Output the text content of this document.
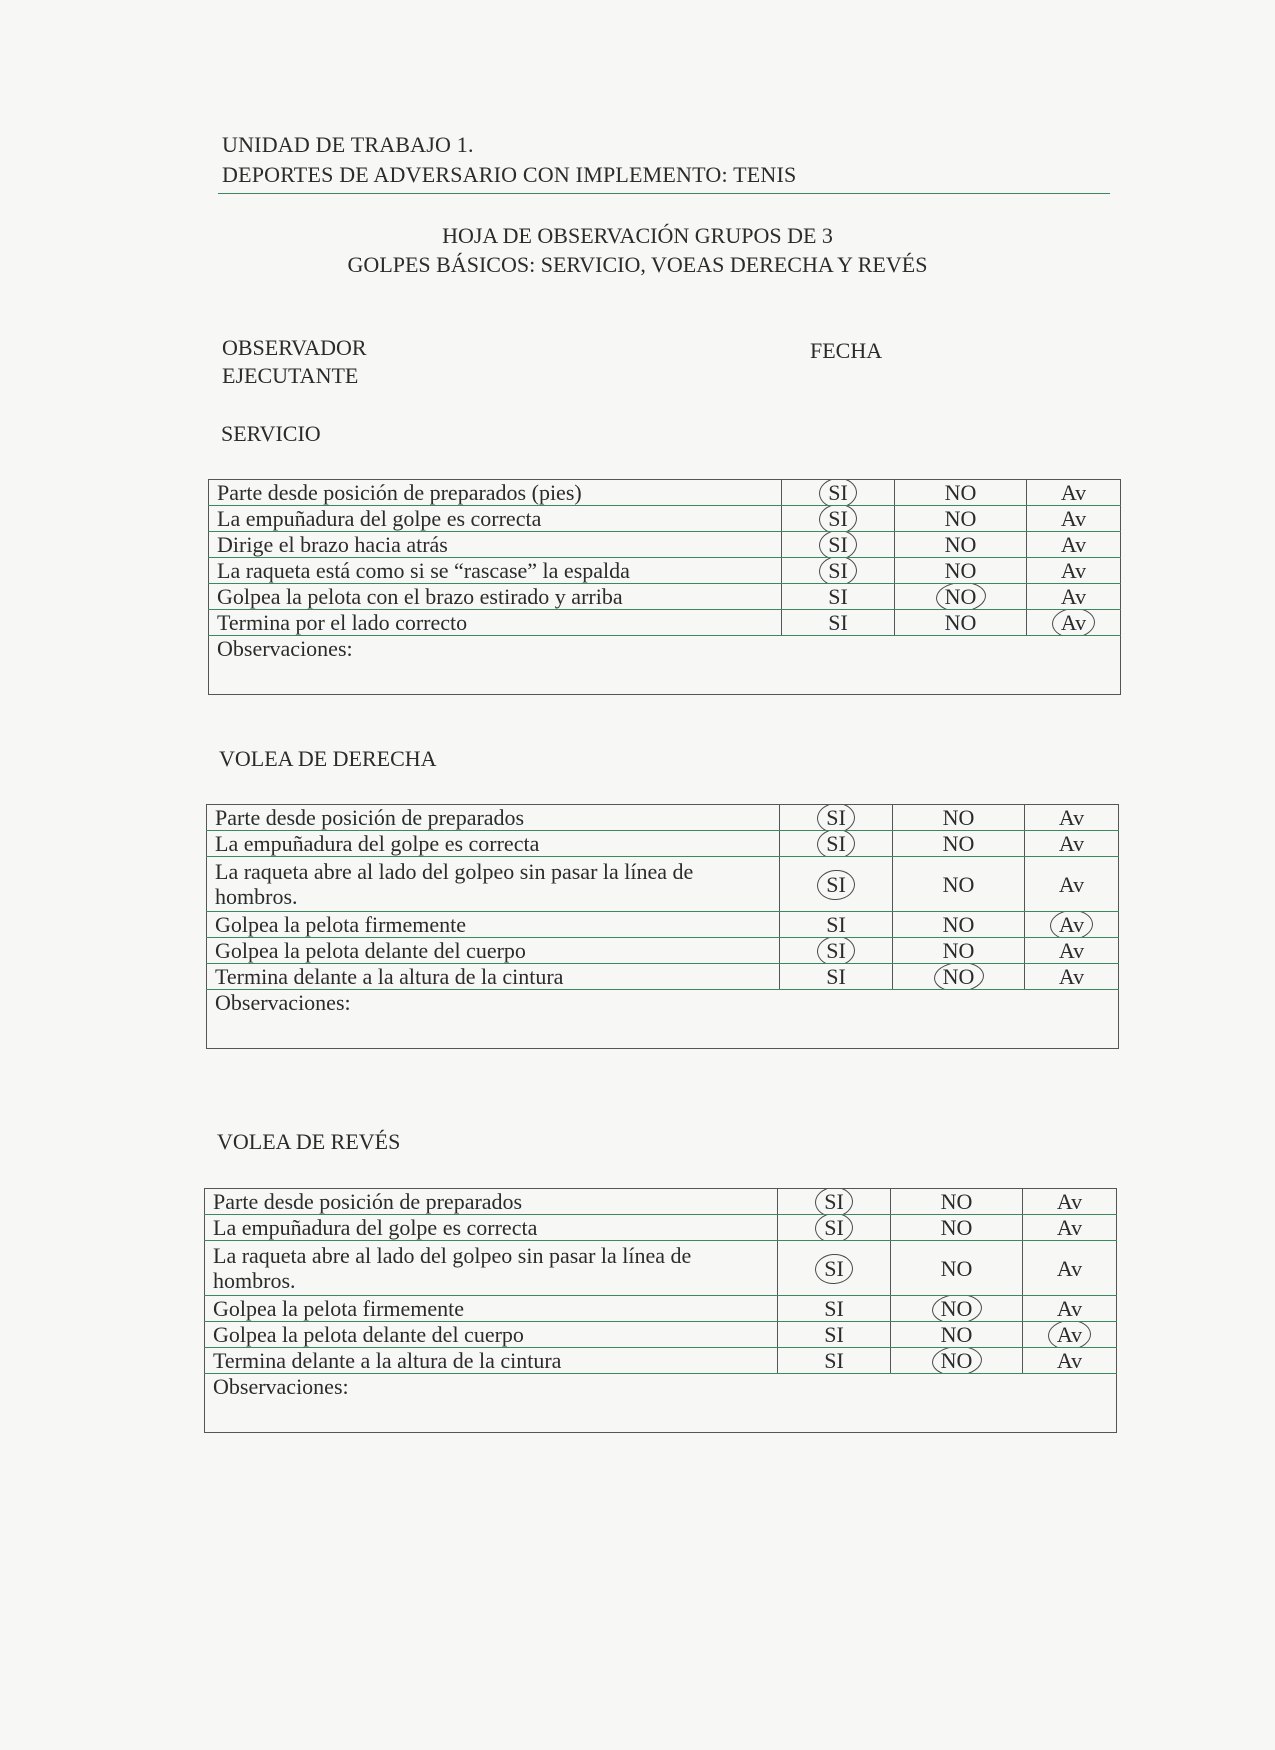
UNIDAD DE TRABAJO 1.
DEPORTES DE ADVERSARIO CON IMPLEMENTO: TENIS
HOJA DE OBSERVACIÓN GRUPOS DE 3
GOLPES BÁSICOS: SERVICIO, VOEAS DERECHA Y REVÉS
OBSERVADOR
EJECUTANTE
FECHA
SERVICIO
Parte desde posición de preparados (pies)	SI	NO	Av
La empuñadura del golpe es correcta	SI	NO	Av
Dirige el brazo hacia atrás	SI	NO	Av
La raqueta está como si se “rascase” la espalda	SI	NO	Av
Golpea la pelota con el brazo estirado y arriba	SI	NO	Av
Termina por el lado correcto	SI	NO	Av
Observaciones:			
VOLEA DE DERECHA
Parte desde posición de preparados	SI	NO	Av
La empuñadura del golpe es correcta	SI	NO	Av
La raqueta abre al lado del golpeo sin pasar la línea de hombros.	SI	NO	Av
Golpea la pelota firmemente	SI	NO	Av
Golpea la pelota delante del cuerpo	SI	NO	Av
Termina delante a la altura de la cintura	SI	NO	Av
Observaciones:			
VOLEA DE REVÉS
Parte desde posición de preparados	SI	NO	Av
La empuñadura del golpe es correcta	SI	NO	Av
La raqueta abre al lado del golpeo sin pasar la línea de hombros.	SI	NO	Av
Golpea la pelota firmemente	SI	NO	Av
Golpea la pelota delante del cuerpo	SI	NO	Av
Termina delante a la altura de la cintura	SI	NO	Av
Observaciones:			
